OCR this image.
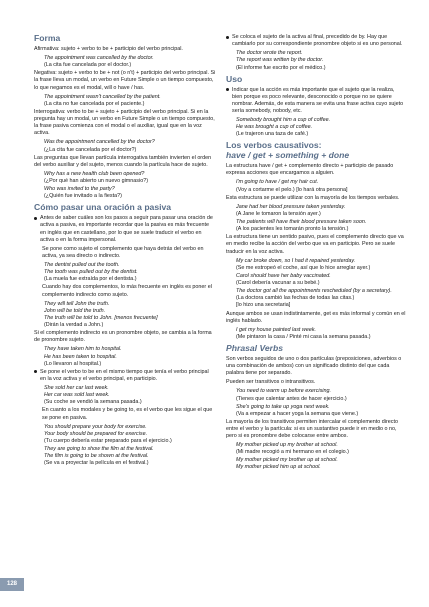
Forma

Afirmativa: sujeto + verbo to be + participio del verbo principal.

The appointment was cancelled by the doctor.
(La cita fue cancelada por el doctor.)

Negativa: sujeto + verbo to be + not (o n't) + participio del verbo principal. Si la frase lleva un modal, un verbo en Future Simple o un tiempo compuesto, lo que negamos es el modal, will o have / has.

The appointment wasn't cancelled by the patient.
(La cita no fue cancelada por el paciente.)

Interrogativa: verbo to be + sujeto + participio del verbo principal. Si en la pregunta hay un modal, un verbo en Future Simple o un tiempo compuesto, la frase pasiva comienza con el modal o el auxiliar, igual que en la voz activa.

Was the appointment cancelled by the doctor?
(¿La cita fue cancelada por el doctor?)

Las preguntas que llevan partícula interrogativa también invierten el orden del verbo auxiliar y del sujeto, menos cuando la partícula hace de sujeto.

Why has a new health club been opened?
(¿Por qué han abierto un nuevo gimnasio?)

Who was invited to the party?
(¿Quién fue invitado a la fiesta?)

Cómo pasar una oración a pasiva

Antes de saber cuáles son los pasos a seguir para pasar una oración de activa a pasiva, es importante recordar que la pasiva es más frecuente en inglés que en castellano, por lo que se suele traducir el verbo en activa o en la forma impersonal.

Se pone como sujeto el complemento que haya detrás del verbo en activa, ya sea directo o indirecto.

The dentist pulled out the tooth.
The tooth was pulled out by the dentist.
(La muela fue extraída por el dentista.)

Cuando hay dos complementos, lo más frecuente en inglés es poner el complemento indirecto como sujeto.

They will tell John the truth.
John will be told the truth.
The truth will be told to John. [menos frecuente]
(Dirán la verdad a John.)

Si el complemento indirecto es un pronombre objeto, se cambia a la forma de pronombre sujeto.

They have taken him to hospital.
He has been taken to hospital.
(Lo llevaron al hospital.)

Se pone el verbo to be en el mismo tiempo que tenía el verbo principal en la voz activa y el verbo principal, en participio.

She sold her car last week.
Her car was sold last week.
(Su coche se vendió la semana pasada.)

En cuanto a los modales y be going to, es el verbo que les sigue el que se pone en pasiva.

You should prepare your body for exercise.
Your body should be prepared for exercise.
(Tu cuerpo debería estar preparado para el ejercicio.)

They are going to show the film at the festival.
The film is going to be shown at the festival.
(Se va a proyectar la película en el festival.)

Se coloca el sujeto de la activa al final, precedido de by. Hay que cambiarlo por su correspondiente pronombre objeto si es uno personal.

The doctor wrote the report.
The report was written by the doctor.
(El informe fue escrito por el médico.)

Uso

Indicar que la acción es más importante que el sujeto que la realiza, bien porque es poco relevante, desconocido o porque no se quiere nombrar. Además, de esta manera se evita una frase activa cuyo sujeto sería somebody, nobody, etc.

Somebody brought him a cup of coffee.
He was brought a cup of coffee.
(Le trajeron una taza de café.)

Los verbos causativos:
have / get + something + done

La estructura have / get + complemento directo + participio de pasado expresa acciones que encargamos a alguien.

I'm going to have / get my hair cut.
(Voy a cortarme el pelo.) [lo hará otra persona]

Esta estructura se puede utilizar con la mayoría de los tiempos verbales.

Jane had her blood pressure taken yesterday.
(A Jane le tomaron la tensión ayer.)

The patients will have their blood pressure taken soon.
(A los pacientes les tomarán pronto la tensión.)

La estructura tiene un sentido pasivo, pues el complemento directo que va en medio recibe la acción del verbo que va en participio. Pero se suele traducir en la voz activa.

My car broke down, so I had it repaired yesterday.
(Se me estropeó el coche, así que lo hice arreglar ayer.)

Carol should have her baby vaccinated.
(Carol debería vacunar a su bebé.)

The doctor got all the appointments rescheduled (by a secretary).
(La doctora cambió las fechas de todas las citas.)
[lo hizo una secretaria]

Aunque ambos se usan indistintamente, get es más informal y común en el inglés hablado.

I get my house painted last week.
(Me pintaron la casa / Pinté mi casa la semana pasada.)

Phrasal Verbs

Son verbos seguidos de uno o dos partículas (preposiciones, adverbios o una combinación de ambos) con un significado distinto del que cada palabra tiene por separado.

Pueden ser transitivos o intransitivos.

You need to warm up before exercising.
(Tienes que calentar antes de hacer ejercicio.)

She's going to take up yoga next week.
(Va a empezar a hacer yoga la semana que viene.)

La mayoría de los transitivos permiten intercalar el complemento directo entre el verbo y la partícula: si es un sustantivo puede ir en medio o no, pero si es pronombre debe colocarse entre ambos.

My mother picked up my brother at school.
(Mi madre recogió a mi hermano en el colegio.)
My mother picked my brother up at school.
My mother picked him up at school.

128
